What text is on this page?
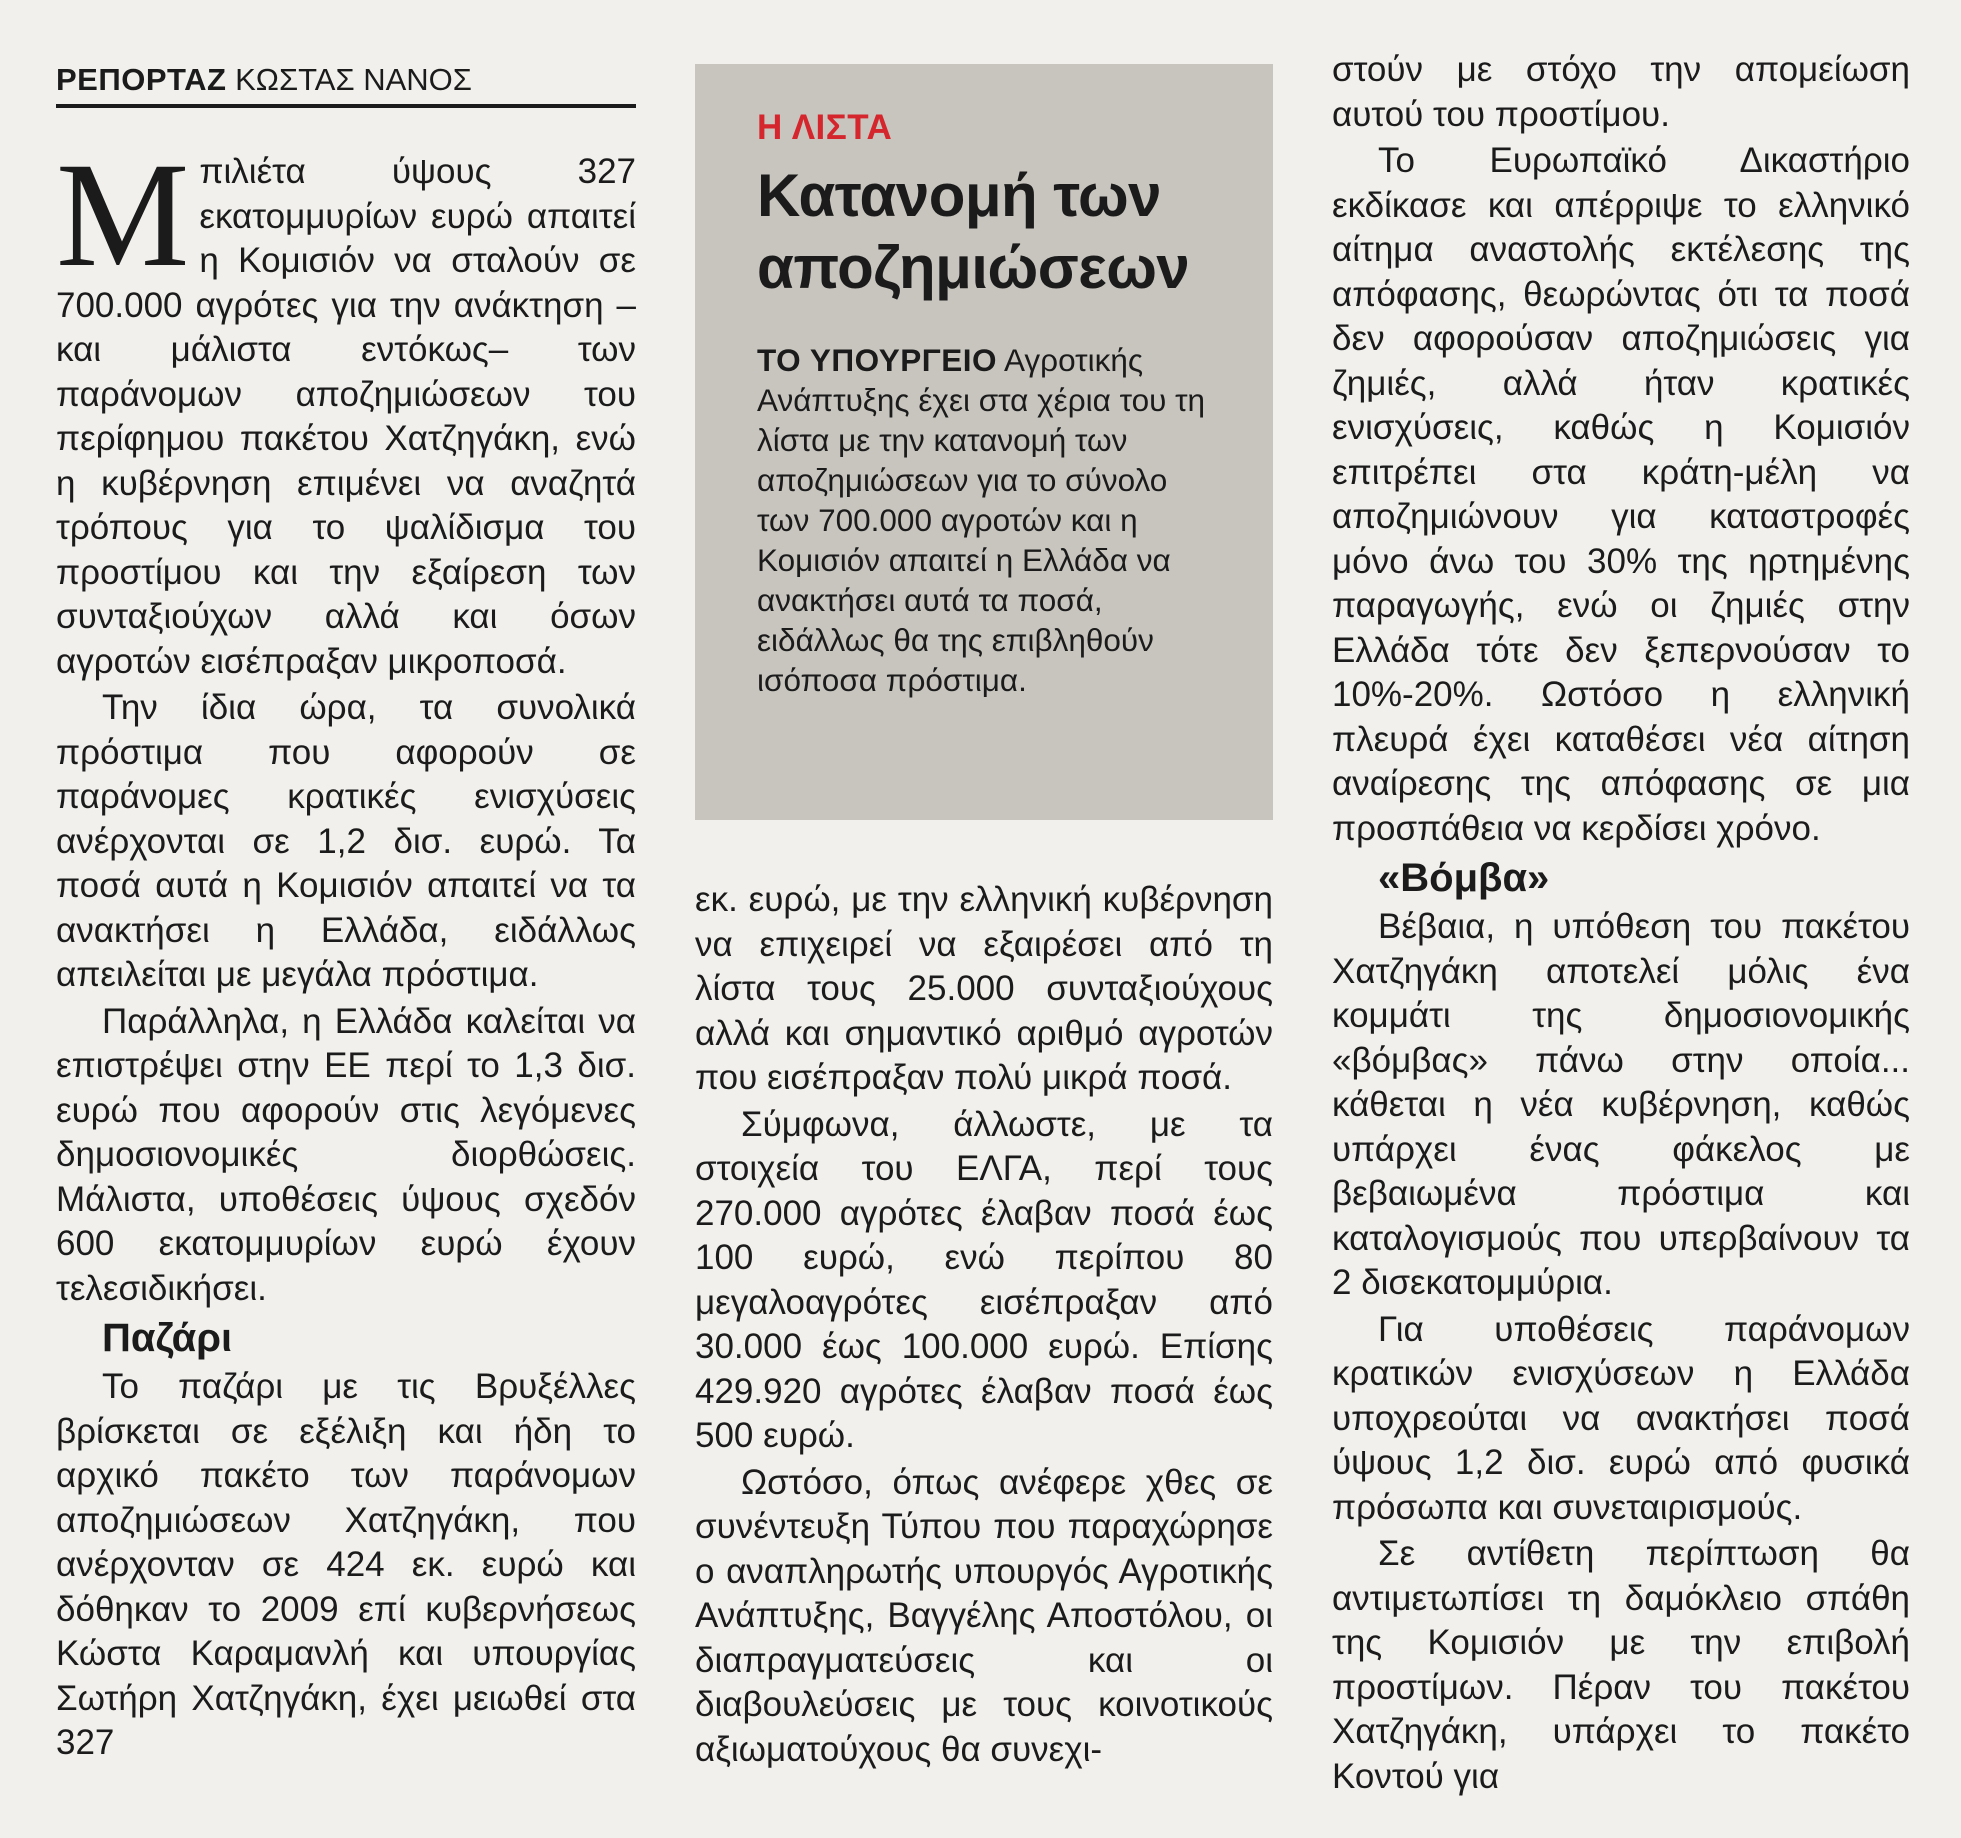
ΡΕΠΟΡΤΑΖ ΚΩΣΤΑΣ ΝΑΝΟΣ

Μπιλιέτα ύψους 327 εκατομμυρίων ευρώ απαιτεί η Κομισιόν να σταλούν σε 700.000 αγρότες για την ανάκτηση –και μάλιστα εντόκως– των παράνομων αποζημιώσεων του περίφημου πακέτου Χατζηγάκη, ενώ η κυβέρνηση επιμένει να αναζητά τρόπους για το ψαλίδισμα του προστίμου και την εξαίρεση των συνταξιούχων αλλά και όσων αγροτών εισέπραξαν μικροποσά.

Την ίδια ώρα, τα συνολικά πρόστιμα που αφορούν σε παράνομες κρατικές ενισχύσεις ανέρχονται σε 1,2 δισ. ευρώ. Τα ποσά αυτά η Κομισιόν απαιτεί να τα ανακτήσει η Ελλάδα, ειδάλλως απειλείται με μεγάλα πρόστιμα.

Παράλληλα, η Ελλάδα καλείται να επιστρέψει στην ΕΕ περί το 1,3 δισ. ευρώ που αφορούν στις λεγόμενες δημοσιονομικές διορθώσεις. Μάλιστα, υποθέσεις ύψους σχεδόν 600 εκατομμυρίων ευρώ έχουν τελεσιδικήσει.

Παζάρι

Το παζάρι με τις Βρυξέλλες βρίσκεται σε εξέλιξη και ήδη το αρχικό πακέτο των παράνομων αποζημιώσεων Χατζηγάκη, που ανέρχονταν σε 424 εκ. ευρώ και δόθηκαν το 2009 επί κυβερνήσεως Κώστα Καραμανλή και υπουργίας Σωτήρη Χατζηγάκη, έχει μειωθεί στα 327

Η ΛΙΣΤΑ

Κατανομή των αποζημιώσεων

ΤΟ ΥΠΟΥΡΓΕΙΟ Αγροτικής Ανάπτυξης έχει στα χέρια του τη λίστα με την κατανομή των αποζημιώσεων για το σύνολο των 700.000 αγροτών και η Κομισιόν απαιτεί η Ελλάδα να ανακτήσει αυτά τα ποσά, ειδάλλως θα της επιβληθούν ισόποσα πρόστιμα.

εκ. ευρώ, με την ελληνική κυβέρνηση να επιχειρεί να εξαιρέσει από τη λίστα τους 25.000 συνταξιούχους αλλά και σημαντικό αριθμό αγροτών που εισέπραξαν πολύ μικρά ποσά.

Σύμφωνα, άλλωστε, με τα στοιχεία του ΕΛΓΑ, περί τους 270.000 αγρότες έλαβαν ποσά έως 100 ευρώ, ενώ περίπου 80 μεγαλοαγρότες εισέπραξαν από 30.000 έως 100.000 ευρώ. Επίσης 429.920 αγρότες έλαβαν ποσά έως 500 ευρώ.

Ωστόσο, όπως ανέφερε χθες σε συνέντευξη Τύπου που παραχώρησε ο αναπληρωτής υπουργός Αγροτικής Ανάπτυξης, Βαγγέλης Αποστόλου, οι διαπραγματεύσεις και οι διαβουλεύσεις με τους κοινοτικούς αξιωματούχους θα συνεχι-

στούν με στόχο την απομείωση αυτού του προστίμου.

Το Ευρωπαϊκό Δικαστήριο εκδίκασε και απέρριψε το ελληνικό αίτημα αναστολής εκτέλεσης της απόφασης, θεωρώντας ότι τα ποσά δεν αφορούσαν αποζημιώσεις για ζημιές, αλλά ήταν κρατικές ενισχύσεις, καθώς η Κομισιόν επιτρέπει στα κράτη-μέλη να αποζημιώνουν για καταστροφές μόνο άνω του 30% της ηρτημένης παραγωγής, ενώ οι ζημιές στην Ελλάδα τότε δεν ξεπερνούσαν το 10%-20%. Ωστόσο η ελληνική πλευρά έχει καταθέσει νέα αίτηση αναίρεσης της απόφασης σε μια προσπάθεια να κερδίσει χρόνο.

«Βόμβα»

Βέβαια, η υπόθεση του πακέτου Χατζηγάκη αποτελεί μόλις ένα κομμάτι της δημοσιονομικής «βόμβας» πάνω στην οποία... κάθεται η νέα κυβέρνηση, καθώς υπάρχει ένας φάκελος με βεβαιωμένα πρόστιμα και καταλογισμούς που υπερβαίνουν τα 2 δισεκατομμύρια.

Για υποθέσεις παράνομων κρατικών ενισχύσεων η Ελλάδα υποχρεούται να ανακτήσει ποσά ύψους 1,2 δισ. ευρώ από φυσικά πρόσωπα και συνεταιρισμούς.

Σε αντίθετη περίπτωση θα αντιμετωπίσει τη δαμόκλειο σπάθη της Κομισιόν με την επιβολή προστίμων. Πέραν του πακέτου Χατζηγάκη, υπάρχει το πακέτο Κοντού για
